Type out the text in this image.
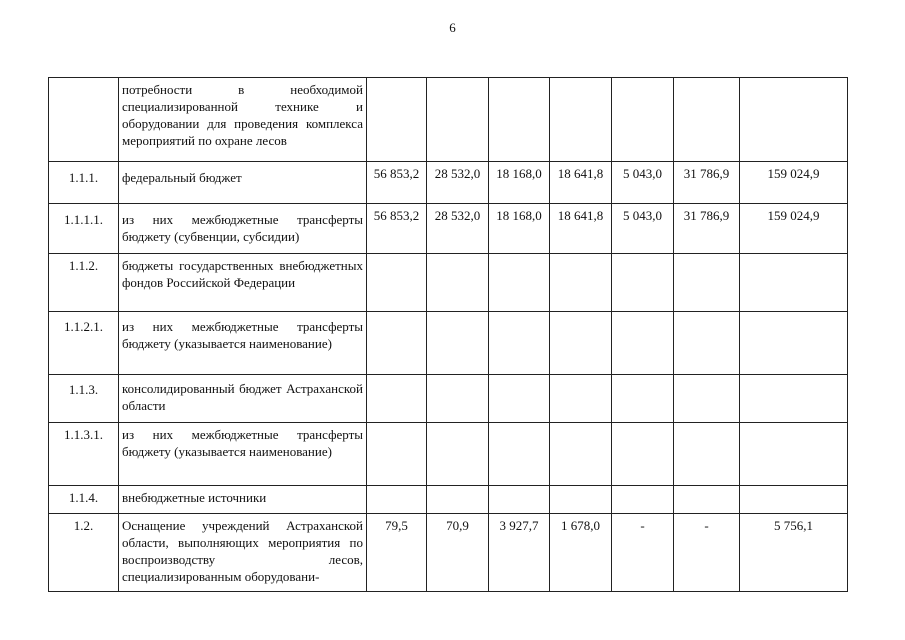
6
	потребности в необходимой специализированной технике и оборудовании для проведения комплекса мероприятий по охране лесов							
1.1.1.	федеральный бюджет	56 853,2	28 532,0	18 168,0	18 641,8	5 043,0	31 786,9	159 024,9
1.1.1.1.	из них межбюджетные трансферты бюджету (субвенции, субсидии)	56 853,2	28 532,0	18 168,0	18 641,8	5 043,0	31 786,9	159 024,9
1.1.2.	бюджеты государственных внебюджетных фондов Российской Федерации							
1.1.2.1.	из них межбюджетные трансферты бюджету (указывается наименование)							
1.1.3.	консолидированный бюджет Астраханской области							
1.1.3.1.	из них межбюджетные трансферты бюджету (указывается наименование)							
1.1.4.	внебюджетные источники							
1.2.	Оснащение учреждений Астраханской области, выполняющих мероприятия по воспроизводству лесов, специализированным оборудовани-	79,5	70,9	3 927,7	1 678,0	-	-	5 756,1
